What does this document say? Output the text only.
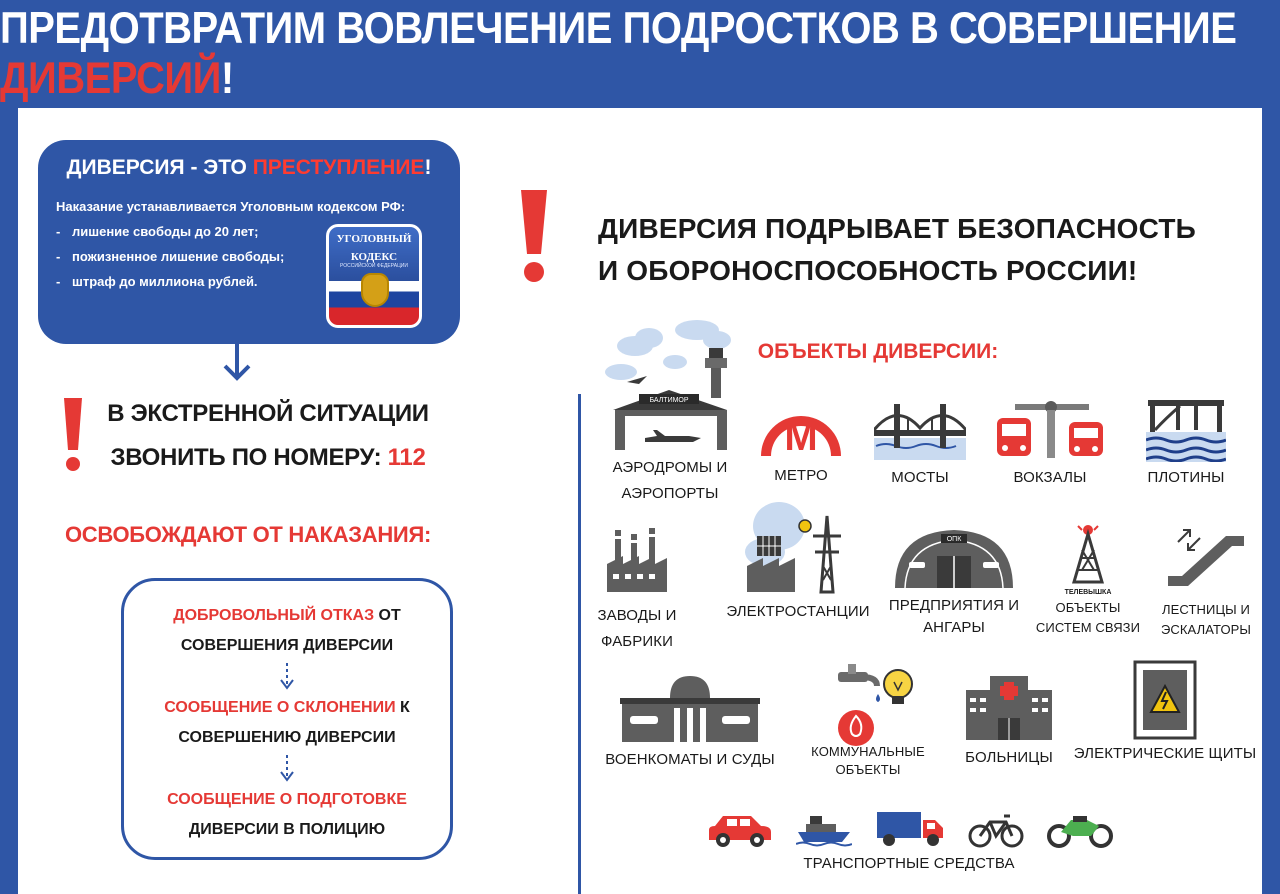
ПРЕДОТВРАТИМ ВОВЛЕЧЕНИЕ ПОДРОСТКОВ В СОВЕРШЕНИЕ ДИВЕРСИЙ!
ДИВЕРСИЯ - ЭТО ПРЕСТУПЛЕНИЕ!
Наказание устанавливается Уголовным кодексом РФ:
- лишение свободы до 20 лет;
- пожизненное лишение свободы;
- штраф до миллиона рублей.
УГОЛОВНЫЙ
КОДЕКС
РОССИЙСКОЙ ФЕДЕРАЦИИ
В ЭКСТРЕННОЙ СИТУАЦИИ
ЗВОНИТЬ ПО НОМЕРУ: 112
ОСВОБОЖДАЮТ ОТ НАКАЗАНИЯ:
ДОБРОВОЛЬНЫЙ ОТКАЗ ОТ
СОВЕРШЕНИЯ ДИВЕРСИИ
СООБЩЕНИЕ О СКЛОНЕНИИ К
СОВЕРШЕНИЮ ДИВЕРСИИ
СООБЩЕНИЕ О ПОДГОТОВКЕ
ДИВЕРСИИ В ПОЛИЦИЮ
ДИВЕРСИЯ ПОДРЫВАЕТ БЕЗОПАСНОСТЬ
И ОБОРОНОСПОСОБНОСТЬ РОССИИ!
ОБЪЕКТЫ ДИВЕРСИИ:
БАЛТИМОР
АЭРОДРОМЫ И
АЭРОПОРТЫ
М
МЕТРО	МОСТЫ	ВОКЗАЛЫ	ПЛОТИНЫ
ЗАВОДЫ И
ФАБРИКИ
ЭЛЕКТРОСТАНЦИИ
ОПК
ПРЕДПРИЯТИЯ И
АНГАРЫ
ТЕЛЕВЫШКА
ОБЪЕКТЫ
СИСТЕМ СВЯЗИ
ЛЕСТНИЦЫ И
ЭСКАЛАТОРЫ
ВОЕНКОМАТЫ И СУДЫ	КОММУНАЛЬНЫЕ
ОБЪЕКТЫ
БОЛЬНИЦЫ	ЭЛЕКТРИЧЕСКИЕ ЩИТЫ
ТРАНСПОРТНЫЕ СРЕДСТВА
